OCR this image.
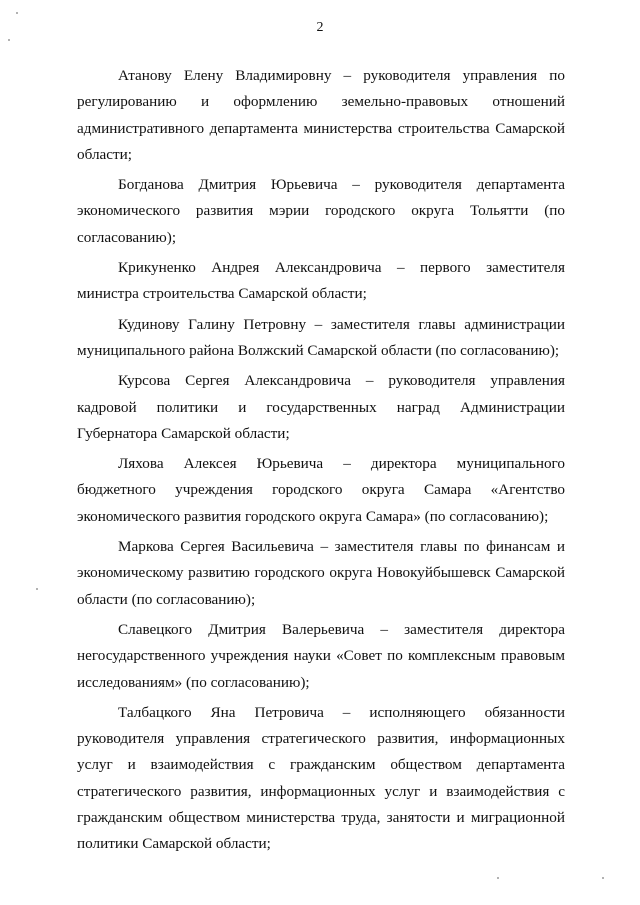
2

Атанову Елену Владимировну – руководителя управления по регулированию и оформлению земельно-правовых отношений административного департамента министерства строительства Самарской области;

Богданова Дмитрия Юрьевича – руководителя департамента экономического развития мэрии городского округа Тольятти (по согласованию);

Крикуненко Андрея Александровича – первого заместителя министра строительства Самарской области;

Кудинову Галину Петровну – заместителя главы администрации муниципального района Волжский Самарской области (по согласованию);

Курсова Сергея Александровича – руководителя управления кадровой политики и государственных наград Администрации Губернатора Самарской области;

Ляхова Алексея Юрьевича – директора муниципального бюджетного учреждения городского округа Самара «Агентство экономического развития городского округа Самара» (по согласованию);

Маркова Сергея Васильевича – заместителя главы по финансам и экономическому развитию городского округа Новокуйбышевск Самарской области (по согласованию);

Славецкого Дмитрия Валерьевича – заместителя директора негосударственного учреждения науки «Совет по комплексным правовым исследованиям» (по согласованию);

Талбацкого Яна Петровича – исполняющего обязанности руководителя управления стратегического развития, информационных услуг и взаимодействия с гражданским обществом департамента стратегического развития, информационных услуг и взаимодействия с гражданским обществом министерства труда, занятости и миграционной политики Самарской области;
